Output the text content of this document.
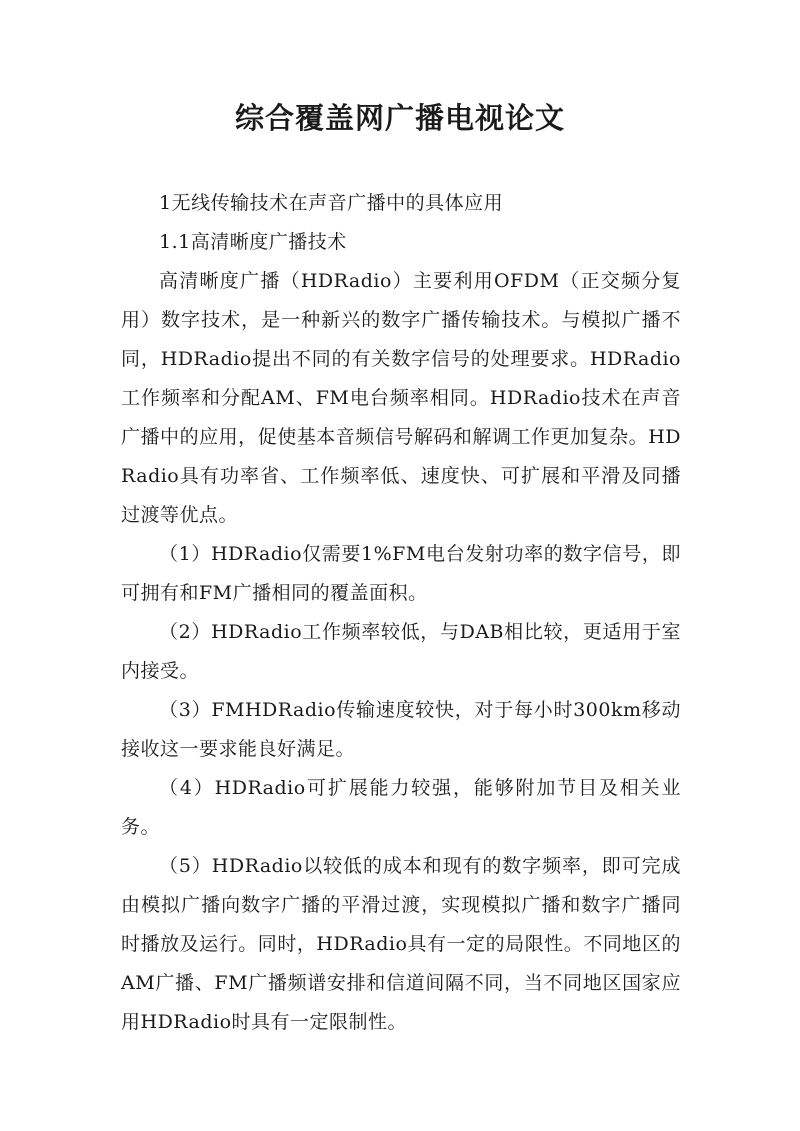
综合覆盖网广播电视论文

1无线传输技术在声音广播中的具体应用

1.1高清晰度广播技术

高清晰度广播（HDRadio）主要利用OFDM（正交频分复用）数字技术，是一种新兴的数字广播传输技术。与模拟广播不同，HDRadio提出不同的有关数字信号的处理要求。HDRadio工作频率和分配AM、FM电台频率相同。HDRadio技术在声音广播中的应用，促使基本音频信号解码和解调工作更加复杂。HDRadio具有功率省、工作频率低、速度快、可扩展和平滑及同播过渡等优点。

（1）HDRadio仅需要1%FM电台发射功率的数字信号，即可拥有和FM广播相同的覆盖面积。

（2）HDRadio工作频率较低，与DAB相比较，更适用于室内接受。

（3）FMHDRadio传输速度较快，对于每小时300km移动接收这一要求能良好满足。

（4）HDRadio可扩展能力较强，能够附加节目及相关业务。

（5）HDRadio以较低的成本和现有的数字频率，即可完成由模拟广播向数字广播的平滑过渡，实现模拟广播和数字广播同时播放及运行。同时，HDRadio具有一定的局限性。不同地区的AM广播、FM广播频谱安排和信道间隔不同，当不同地区国家应用HDRadio时具有一定限制性。
